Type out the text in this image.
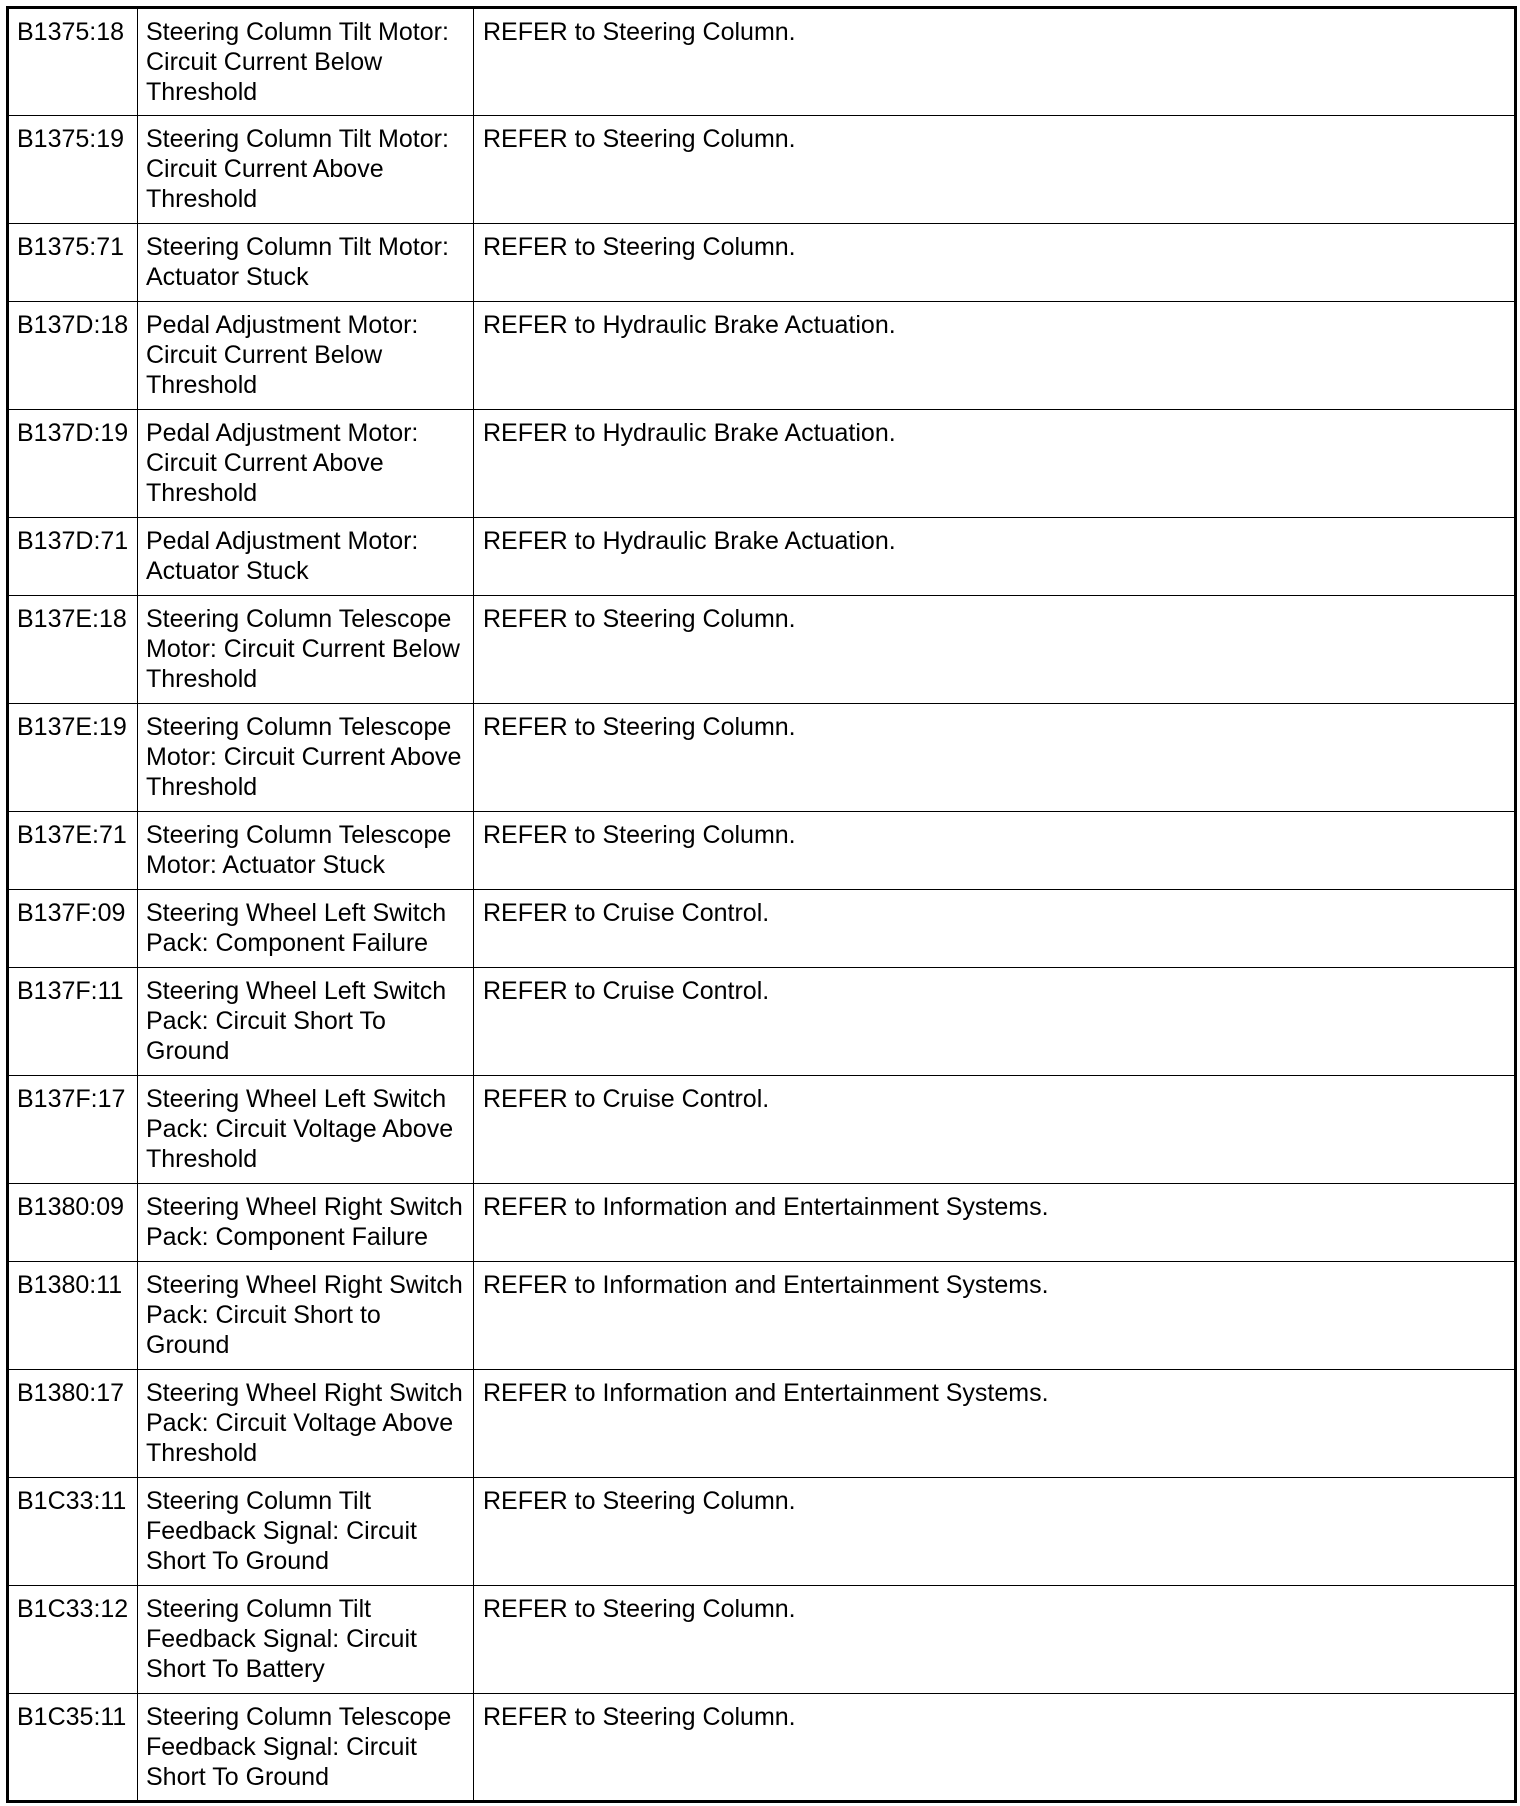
B1375:18	Steering Column Tilt Motor: Circuit Current Below Threshold	REFER to Steering Column.
B1375:19	Steering Column Tilt Motor: Circuit Current Above Threshold	REFER to Steering Column.
B1375:71	Steering Column Tilt Motor: Actuator Stuck	REFER to Steering Column.
B137D:18	Pedal Adjustment Motor: Circuit Current Below Threshold	REFER to Hydraulic Brake Actuation.
B137D:19	Pedal Adjustment Motor: Circuit Current Above Threshold	REFER to Hydraulic Brake Actuation.
B137D:71	Pedal Adjustment Motor: Actuator Stuck	REFER to Hydraulic Brake Actuation.
B137E:18	Steering Column Telescope Motor: Circuit Current Below Threshold	REFER to Steering Column.
B137E:19	Steering Column Telescope Motor: Circuit Current Above Threshold	REFER to Steering Column.
B137E:71	Steering Column Telescope Motor: Actuator Stuck	REFER to Steering Column.
B137F:09	Steering Wheel Left Switch Pack: Component Failure	REFER to Cruise Control.
B137F:11	Steering Wheel Left Switch Pack: Circuit Short To Ground	REFER to Cruise Control.
B137F:17	Steering Wheel Left Switch Pack: Circuit Voltage Above Threshold	REFER to Cruise Control.
B1380:09	Steering Wheel Right Switch Pack: Component Failure	REFER to Information and Entertainment Systems.
B1380:11	Steering Wheel Right Switch Pack: Circuit Short to Ground	REFER to Information and Entertainment Systems.
B1380:17	Steering Wheel Right Switch Pack: Circuit Voltage Above Threshold	REFER to Information and Entertainment Systems.
B1C33:11	Steering Column Tilt Feedback Signal: Circuit Short To Ground	REFER to Steering Column.
B1C33:12	Steering Column Tilt Feedback Signal: Circuit Short To Battery	REFER to Steering Column.
B1C35:11	Steering Column Telescope Feedback Signal: Circuit Short To Ground	REFER to Steering Column.
